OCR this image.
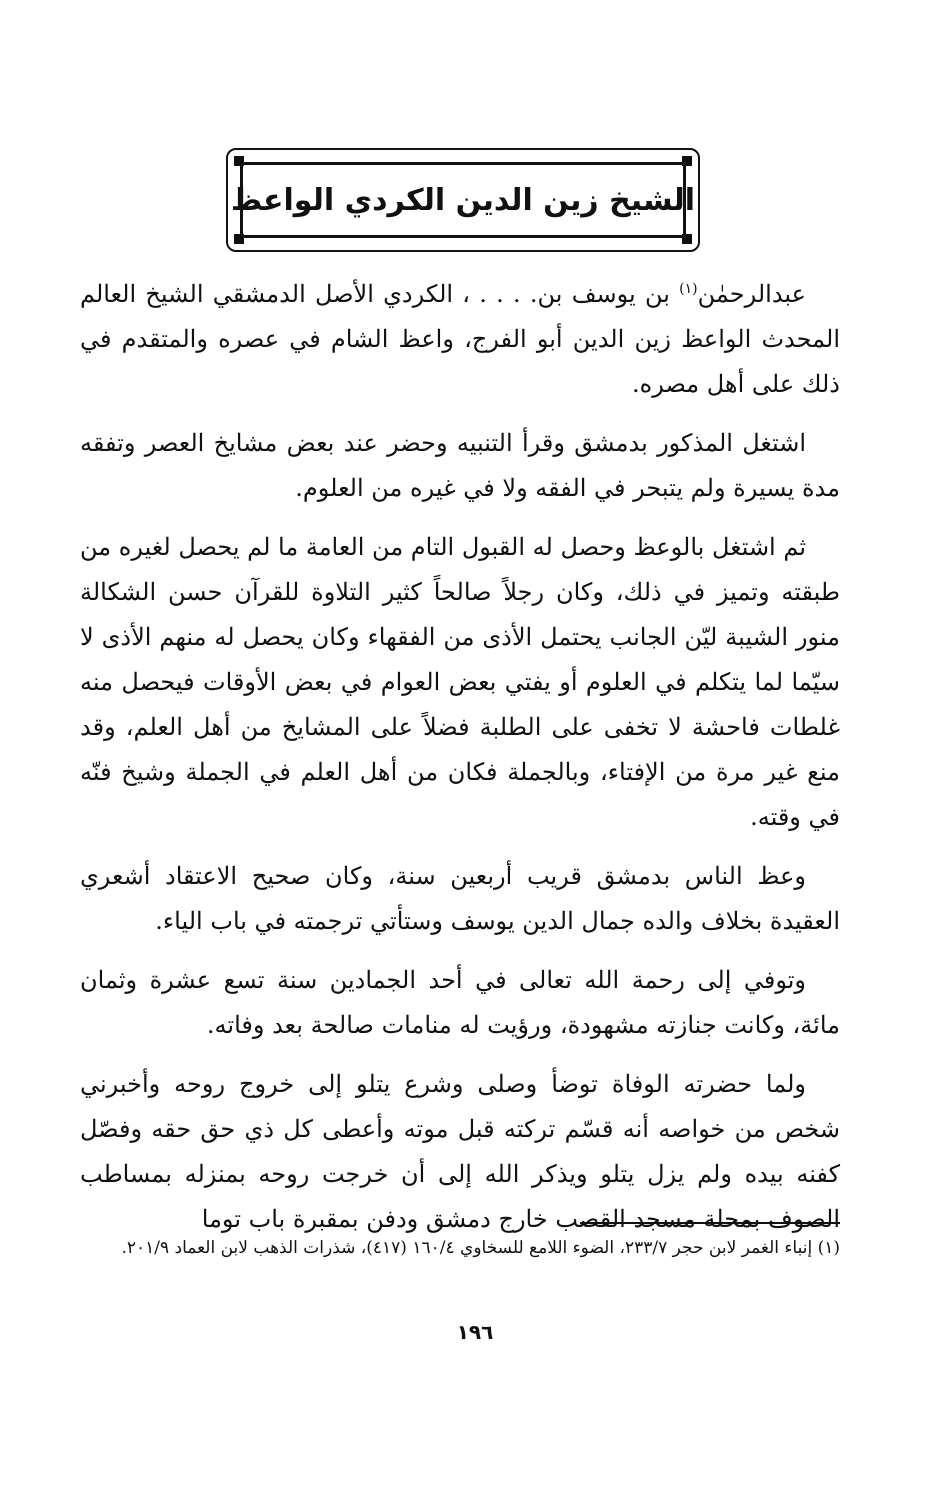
الشيخ زين الدين الكردي الواعظ

عبدالرحمٰن$^{(١)}$ بن يوسف بن. . . . ، الكردي الأصل الدمشقي الشيخ العالم المحدث الواعظ زين الدين أبو الفرج، واعظ الشام في عصره والمتقدم في ذلك على أهل مصره.

اشتغل المذكور بدمشق وقرأ التنبيه وحضر عند بعض مشايخ العصر وتفقه مدة يسيرة ولم يتبحر في الفقه ولا في غيره من العلوم.

ثم اشتغل بالوعظ وحصل له القبول التام من العامة ما لم يحصل لغيره من طبقته وتميز في ذلك، وكان رجلاً صالحاً كثير التلاوة للقرآن حسن الشكالة منور الشيبة ليّن الجانب يحتمل الأذى من الفقهاء وكان يحصل له منهم الأذى لا سيّما لما يتكلم في العلوم أو يفتي بعض العوام في بعض الأوقات فيحصل منه غلطات فاحشة لا تخفى على الطلبة فضلاً على المشايخ من أهل العلم، وقد منع غير مرة من الإفتاء، وبالجملة فكان من أهل العلم في الجملة وشيخ فنّه في وقته.

وعظ الناس بدمشق قريب أربعين سنة، وكان صحيح الاعتقاد أشعري العقيدة بخلاف والده جمال الدين يوسف وستأتي ترجمته في باب الياء.

وتوفي إلى رحمة الله تعالى في أحد الجمادين سنة تسع عشرة وثمان مائة، وكانت جنازته مشهودة، ورؤيت له منامات صالحة بعد وفاته.

ولما حضرته الوفاة توضأ وصلى وشرع يتلو إلى خروج روحه وأخبرني شخص من خواصه أنه قسّم تركته قبل موته وأعطى كل ذي حق حقه وفصّل كفنه بيده ولم يزل يتلو ويذكر الله إلى أن خرجت روحه بمنزله بمساطب الصوف بمحلة مسجد القصب خارج دمشق ودفن بمقبرة باب توما

(١) إنباء الغمر لابن حجر ٢٣٣/٧، الضوء اللامع للسخاوي ١٦٠/٤ (٤١٧)، شذرات الذهب لابن العماد ٢٠١/٩.
١٩٦
